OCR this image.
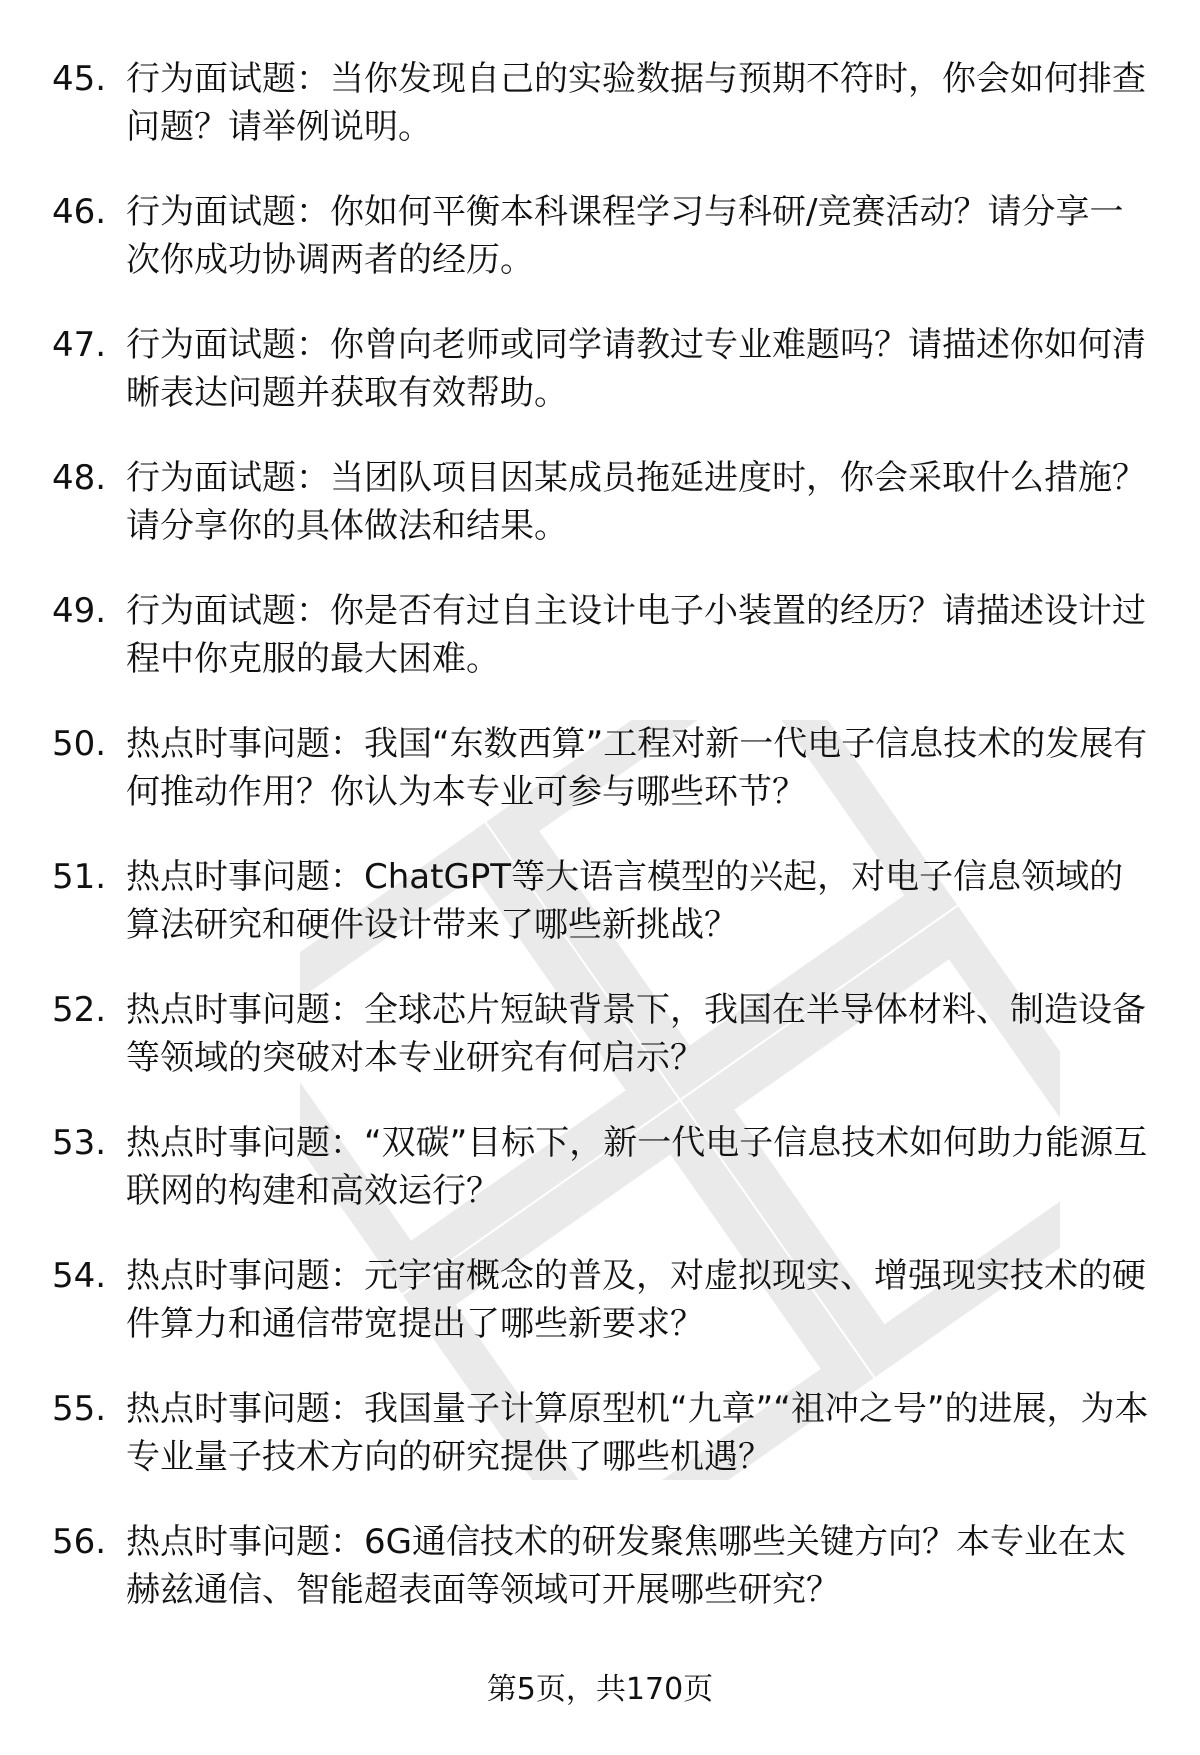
45. 行为面试题：当你发现自己的实验数据与预期不符时，你会如何排查问题？请举例说明。
46. 行为面试题：你如何平衡本科课程学习与科研/竞赛活动？请分享一次你成功协调两者的经历。
47. 行为面试题：你曾向老师或同学请教过专业难题吗？请描述你如何清晰表达问题并获取有效帮助。
48. 行为面试题：当团队项目因某成员拖延进度时，你会采取什么措施？请分享你的具体做法和结果。
49. 行为面试题：你是否有过自主设计电子小装置的经历？请描述设计过程中你克服的最大困难。
50. 热点时事问题：我国“东数西算”工程对新一代电子信息技术的发展有何推动作用？你认为本专业可参与哪些环节？
51. 热点时事问题：ChatGPT等大语言模型的兴起，对电子信息领域的算法研究和硬件设计带来了哪些新挑战？
52. 热点时事问题：全球芯片短缺背景下，我国在半导体材料、制造设备等领域的突破对本专业研究有何启示？
53. 热点时事问题：“双碳”目标下，新一代电子信息技术如何助力能源互联网的构建和高效运行？
54. 热点时事问题：元宇宙概念的普及，对虚拟现实、增强现实技术的硬件算力和通信带宽提出了哪些新要求？
55. 热点时事问题：我国量子计算原型机“九章”“祖冲之号”的进展，为本专业量子技术方向的研究提供了哪些机遇？
56. 热点时事问题：6G通信技术的研发聚焦哪些关键方向？本专业在太赫兹通信、智能超表面等领域可开展哪些研究？
第5页，共170页
